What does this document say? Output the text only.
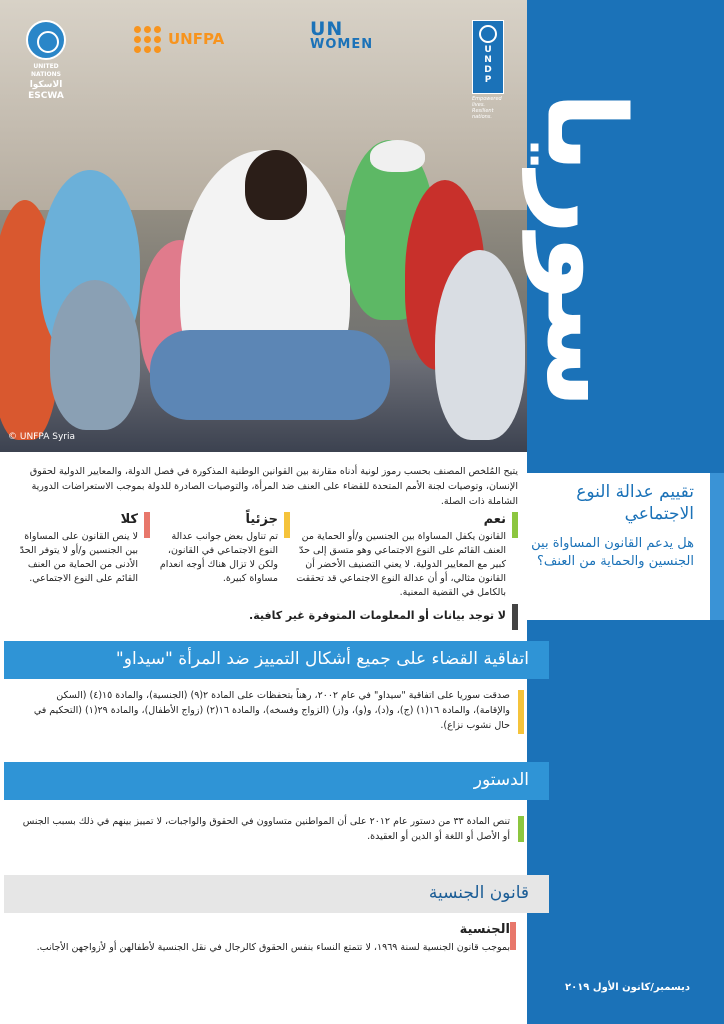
UNITED NATIONS
الاسكوا
ESCWA
UNFPA	UN
WOMEN	UNDP
Empowered lives. Resilient nations.
© UNFPA Syria
سوريا
تقييم عدالة النوع الاجتماعي
هل يدعم القانون المساواة بين الجنسين والحماية من العنف؟
ديسمبر/كانون الأول ٢٠١٩
يتيح المُلخص المصنف بحسب رموز لونية أدناه مقارنة بين القوانين الوطنية المذكورة في فصل الدولة، والمعايير الدولية لحقوق الإنسان، وتوصيات لجنة الأمم المتحدة للقضاء على العنف ضد المرأة، والتوصيات الصادرة للدولة بموجب الاستعراضات الدورية الشاملة ذات الصلة.
نعم
القانون يكفل المساواة بين الجنسين و/أو الحماية من العنف القائم على النوع الاجتماعي وهو متسق إلى حدّ كبير مع المعايير الدولية. لا يعني التصنيف الأخضر أن القانون مثالي، أو أن عدالة النوع الاجتماعي قد تحققت بالكامل في القضية المعنية.
جزئياً
تم تناول بعض جوانب عدالة النوع الاجتماعي في القانون، ولكن لا تزال هناك أوجه انعدام مساواة كبيرة.
كلا
لا ينص القانون على المساواة بين الجنسين و/أو لا يتوفر الحدّ الأدنى من الحماية من العنف القائم على النوع الاجتماعي.
لا توجد بيانات أو المعلومات المتوفرة غير كافية.
اتفاقية القضاء على جميع أشكال التمييز ضد المرأة "سيداو"
صدقت سوريا على اتفاقية "سيداو" في عام ٢٠٠٢، رهناً بتحفظات على المادة ٢(٩) (الجنسية)، والمادة ١٥(٤) (السكن والإقامة)، والمادة ١٦(١) (ج)، و(د)، و(و)، و(ز) (الزواج وفسخه)، والمادة ١٦(٢) (زواج الأطفال)، والمادة ٢٩(١) (التحكيم في حال نشوب نزاع).
الدستور
تنص المادة ٣٣ من دستور عام ٢٠١٢ على أن المواطنين متساوون في الحقوق والواجبات، لا تمييز بينهم في ذلك بسبب الجنس أو الأصل أو اللغة أو الدين أو العقيدة.
قانون الجنسية
الجنسية
بموجب قانون الجنسية لسنة ١٩٦٩، لا تتمتع النساء بنفس الحقوق كالرجال في نقل الجنسية لأطفالهن أو لأزواجهن الأجانب.
